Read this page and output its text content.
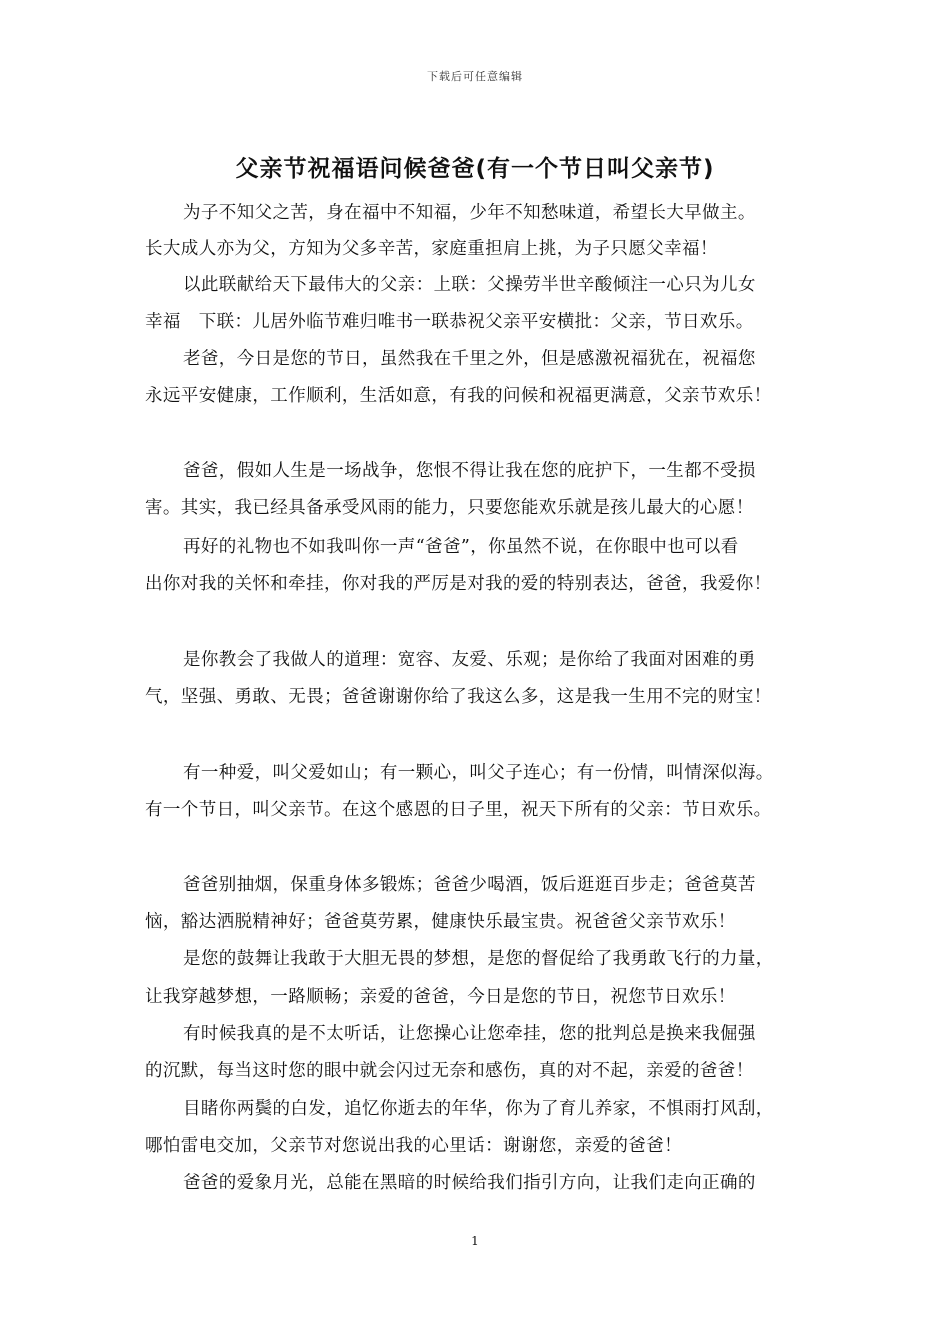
下载后可任意编辑
父亲节祝福语问候爸爸(有一个节日叫父亲节)
为子不知父之苦，身在福中不知福，少年不知愁味道，希望长大早做主。
长大成人亦为父，方知为父多辛苦，家庭重担肩上挑，为子只愿父幸福！
以此联献给天下最伟大的父亲：上联：父操劳半世辛酸倾注一心只为儿女
幸福　下联：儿居外临节难归唯书一联恭祝父亲平安横批：父亲，节日欢乐。
老爸，今日是您的节日，虽然我在千里之外，但是感激祝福犹在，祝福您
永远平安健康，工作顺利，生活如意，有我的问候和祝福更满意，父亲节欢乐！
爸爸，假如人生是一场战争，您恨不得让我在您的庇护下，一生都不受损
害。其实，我已经具备承受风雨的能力，只要您能欢乐就是孩儿最大的心愿！
再好的礼物也不如我叫你一声“爸爸”，你虽然不说，在你眼中也可以看
出你对我的关怀和牵挂，你对我的严厉是对我的爱的特别表达，爸爸，我爱你！
是你教会了我做人的道理：宽容、友爱、乐观；是你给了我面对困难的勇
气，坚强、勇敢、无畏；爸爸谢谢你给了我这么多，这是我一生用不完的财宝！
有一种爱，叫父爱如山；有一颗心，叫父子连心；有一份情，叫情深似海。
有一个节日，叫父亲节。在这个感恩的日子里，祝天下所有的父亲：节日欢乐。
爸爸别抽烟，保重身体多锻炼；爸爸少喝酒，饭后逛逛百步走；爸爸莫苦
恼，豁达洒脱精神好；爸爸莫劳累，健康快乐最宝贵。祝爸爸父亲节欢乐！
是您的鼓舞让我敢于大胆无畏的梦想，是您的督促给了我勇敢飞行的力量，
让我穿越梦想，一路顺畅；亲爱的爸爸，今日是您的节日，祝您节日欢乐！
有时候我真的是不太听话，让您操心让您牵挂，您的批判总是换来我倔强
的沉默，每当这时您的眼中就会闪过无奈和感伤，真的对不起，亲爱的爸爸！
目睹你两鬓的白发，追忆你逝去的年华，你为了育儿养家，不惧雨打风刮，
哪怕雷电交加，父亲节对您说出我的心里话：谢谢您，亲爱的爸爸！
爸爸的爱象月光，总能在黑暗的时候给我们指引方向，让我们走向正确的
1
